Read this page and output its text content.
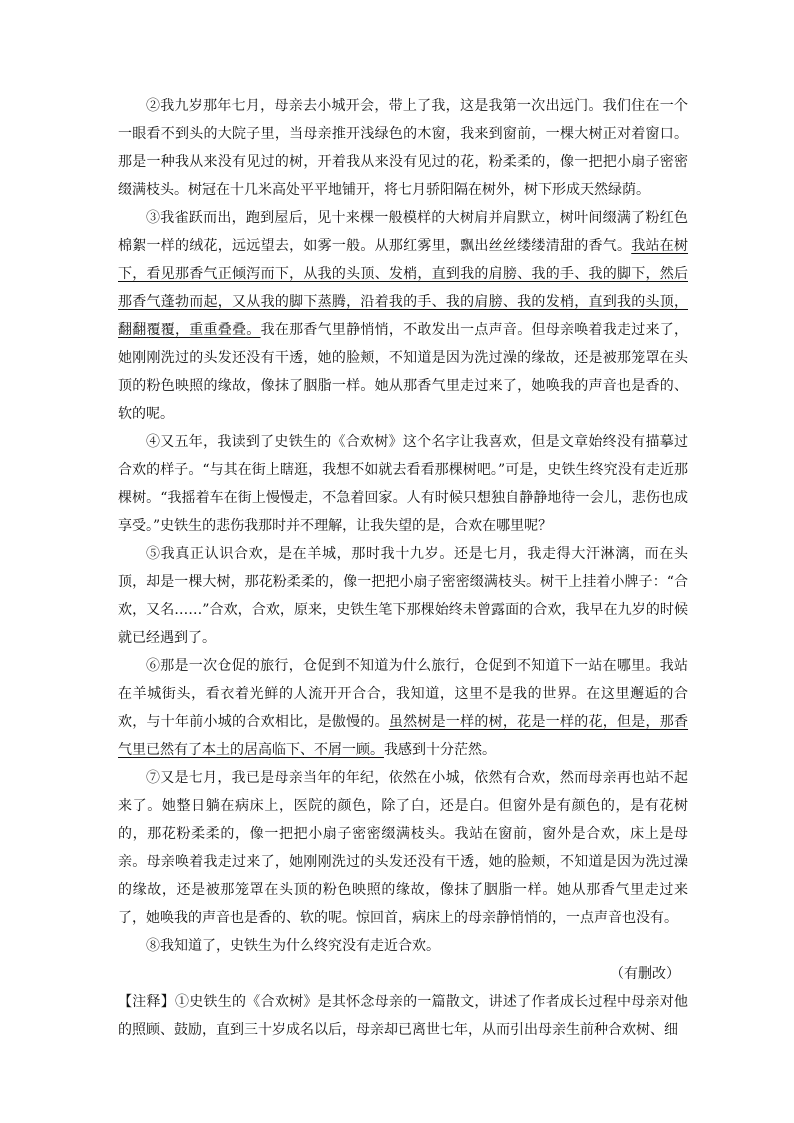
②我九岁那年七月，母亲去小城开会，带上了我，这是我第一次出远门。我们住在一个一眼看不到头的大院子里，当母亲推开浅绿色的木窗，我来到窗前，一棵大树正对着窗口。那是一种我从来没有见过的树，开着我从来没有见过的花，粉柔柔的，像一把把小扇子密密缀满枝头。树冠在十几米高处平平地铺开，将七月骄阳隔在树外，树下形成天然绿荫。

③我雀跃而出，跑到屋后，见十来棵一般模样的大树肩并肩默立，树叶间缀满了粉红色棉絮一样的绒花，远远望去，如雾一般。从那红雾里，飘出丝丝缕缕清甜的香气。我站在树下，看见那香气正倾泻而下，从我的头顶、发梢，直到我的肩膀、我的手、我的脚下，然后那香气蓬勃而起，又从我的脚下蒸腾，沿着我的手、我的肩膀、我的发梢，直到我的头顶，翻翻覆覆，重重叠叠。我在那香气里静悄悄，不敢发出一点声音。但母亲唤着我走过来了，她刚刚洗过的头发还没有干透，她的脸颊，不知道是因为洗过澡的缘故，还是被那笼罩在头顶的粉色映照的缘故，像抹了胭脂一样。她从那香气里走过来了，她唤我的声音也是香的、软的呢。

④又五年，我读到了史铁生的《合欢树》这个名字让我喜欢，但是文章始终没有描摹过合欢的样子。“与其在街上瞎逛，我想不如就去看看那棵树吧。”可是，史铁生终究没有走近那棵树。“我摇着车在街上慢慢走，不急着回家。人有时候只想独自静静地待一会儿，悲伤也成享受。”史铁生的悲伤我那时并不理解，让我失望的是，合欢在哪里呢？

⑤我真正认识合欢，是在羊城，那时我十九岁。还是七月，我走得大汗淋漓，而在头顶，却是一棵大树，那花粉柔柔的，像一把把小扇子密密缀满枝头。树干上挂着小牌子：“合欢，又名……”合欢，合欢，原来，史铁生笔下那棵始终未曾露面的合欢，我早在九岁的时候就已经遇到了。

⑥那是一次仓促的旅行，仓促到不知道为什么旅行，仓促到不知道下一站在哪里。我站在羊城街头，看衣着光鲜的人流开开合合，我知道，这里不是我的世界。在这里邂逅的合欢，与十年前小城的合欢相比，是傲慢的。虽然树是一样的树，花是一样的花，但是，那香气里已然有了本土的居高临下、不屑一顾。我感到十分茫然。

⑦又是七月，我已是母亲当年的年纪，依然在小城，依然有合欢，然而母亲再也站不起来了。她整日躺在病床上，医院的颜色，除了白，还是白。但窗外是有颜色的，是有花树的，那花粉柔柔的，像一把把小扇子密密缀满枝头。我站在窗前，窗外是合欢，床上是母亲。母亲唤着我走过来了，她刚刚洗过的头发还没有干透，她的脸颊，不知道是因为洗过澡的缘故，还是被那笼罩在头顶的粉色映照的缘故，像抹了胭脂一样。她从那香气里走过来了，她唤我的声音也是香的、软的呢。惊回首，病床上的母亲静悄悄的，一点声音也没有。

⑧我知道了，史铁生为什么终究没有走近合欢。

（有删改）

【注释】①史铁生的《合欢树》是其怀念母亲的一篇散文，讲述了作者成长过程中母亲对他的照顾、鼓励，直到三十岁成名以后，母亲却已离世七年，从而引出母亲生前种合欢树、细
